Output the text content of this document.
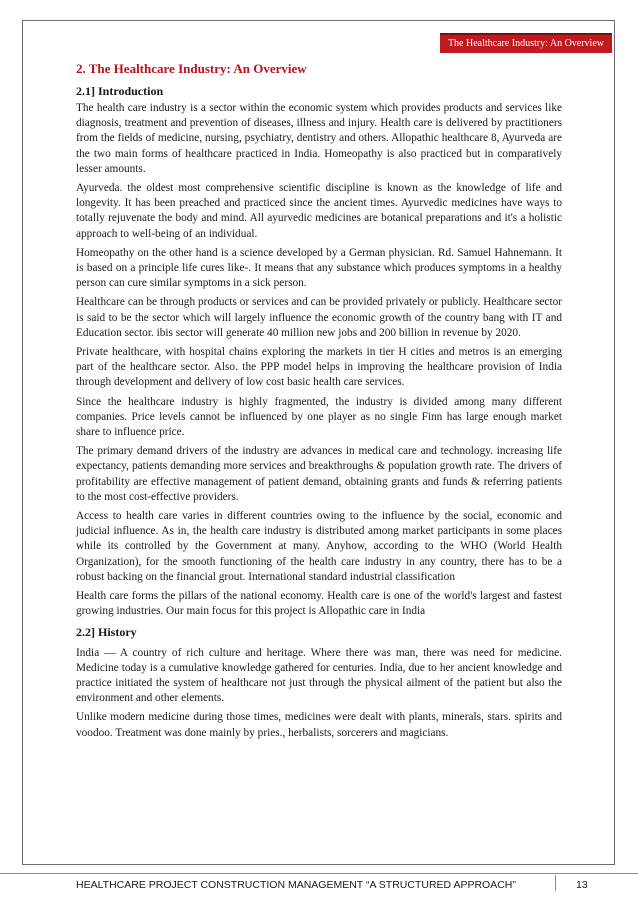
The Healthcare Industry: An Overview
2. The Healthcare Industry: An Overview
2.1] Introduction

The health care industry is a sector within the economic system which provides products and services like diagnosis, treatment and prevention of diseases, illness and injury. Health care is delivered by practitioners from the fields of medicine, nursing, psychiatry, dentistry and others. Allopathic healthcare 8, Ayurveda are the two main forms of healthcare practiced in India. Homeopathy is also practiced but in comparatively lesser amounts.

Ayurveda. the oldest most comprehensive scientific discipline is known as the knowledge of life and longevity. It has been preached and practiced since the ancient times. Ayurvedic medicines have ways to totally rejuvenate the body and mind. All ayurvedic medicines are botanical preparations and it's a holistic approach to well-being of an individual.

Homeopathy on the other hand is a science developed by a German physician. Rd. Samuel Hahnemann. It is based on a principle life cures like-. It means that any substance which produces symptoms in a healthy person can cure similar symptoms in a sick person.

Healthcare can be through products or services and can be provided privately or publicly. Healthcare sector is said to be the sector which will largely influence the economic growth of the country bang with IT and Education sector. ibis sector will generate 40 million new jobs and 200 billion in revenue by 2020.

Private healthcare, with hospital chains exploring the markets in tier H cities and metros is an emerging part of the healthcare sector. Also. the PPP model helps in improving the healthcare provision of India through development and delivery of low cost basic health care services.

Since the healthcare industry is highly fragmented, the industry is divided among many different companies. Price levels cannot be influenced by one player as no single Finn has large enough market share to influence price.

The primary demand drivers of the industry are advances in medical care and technology. increasing life expectancy, patients demanding more services and breakthroughs & population growth rate. The drivers of profitability are effective management of patient demand, obtaining grants and funds & referring patients to the most cost-effective providers.

Access to health care varies in different countries owing to the influence by the social, economic and judicial influence. As in, the health care industry is distributed among market participants in some places while its controlled by the Government at many. Anyhow, according to the WHO (World Health Organization), for the smooth functioning of the health care industry in any country, there has to be a robust backing on the financial grout. International standard industrial classification

Health care forms the pillars of the national economy. Health care is one of the world's largest and fastest growing industries. Our main focus for this project is Allopathic care in India

2.2] History

India — A country of rich culture and heritage. Where there was man, there was need for medicine. Medicine today is a cumulative knowledge gathered for centuries. India, due to her ancient knowledge and practice initiated the system of healthcare not just through the physical ailment of the patient but also the environment and other elements.

Unlike modern medicine during those times, medicines were dealt with plants, minerals, stars. spirits and voodoo. Treatment was done mainly by pries., herbalists, sorcerers and magicians.

HEALTHCARE PROJECT CONSTRUCTION MANAGEMENT “A STRUCTURED APPROACH”	13
